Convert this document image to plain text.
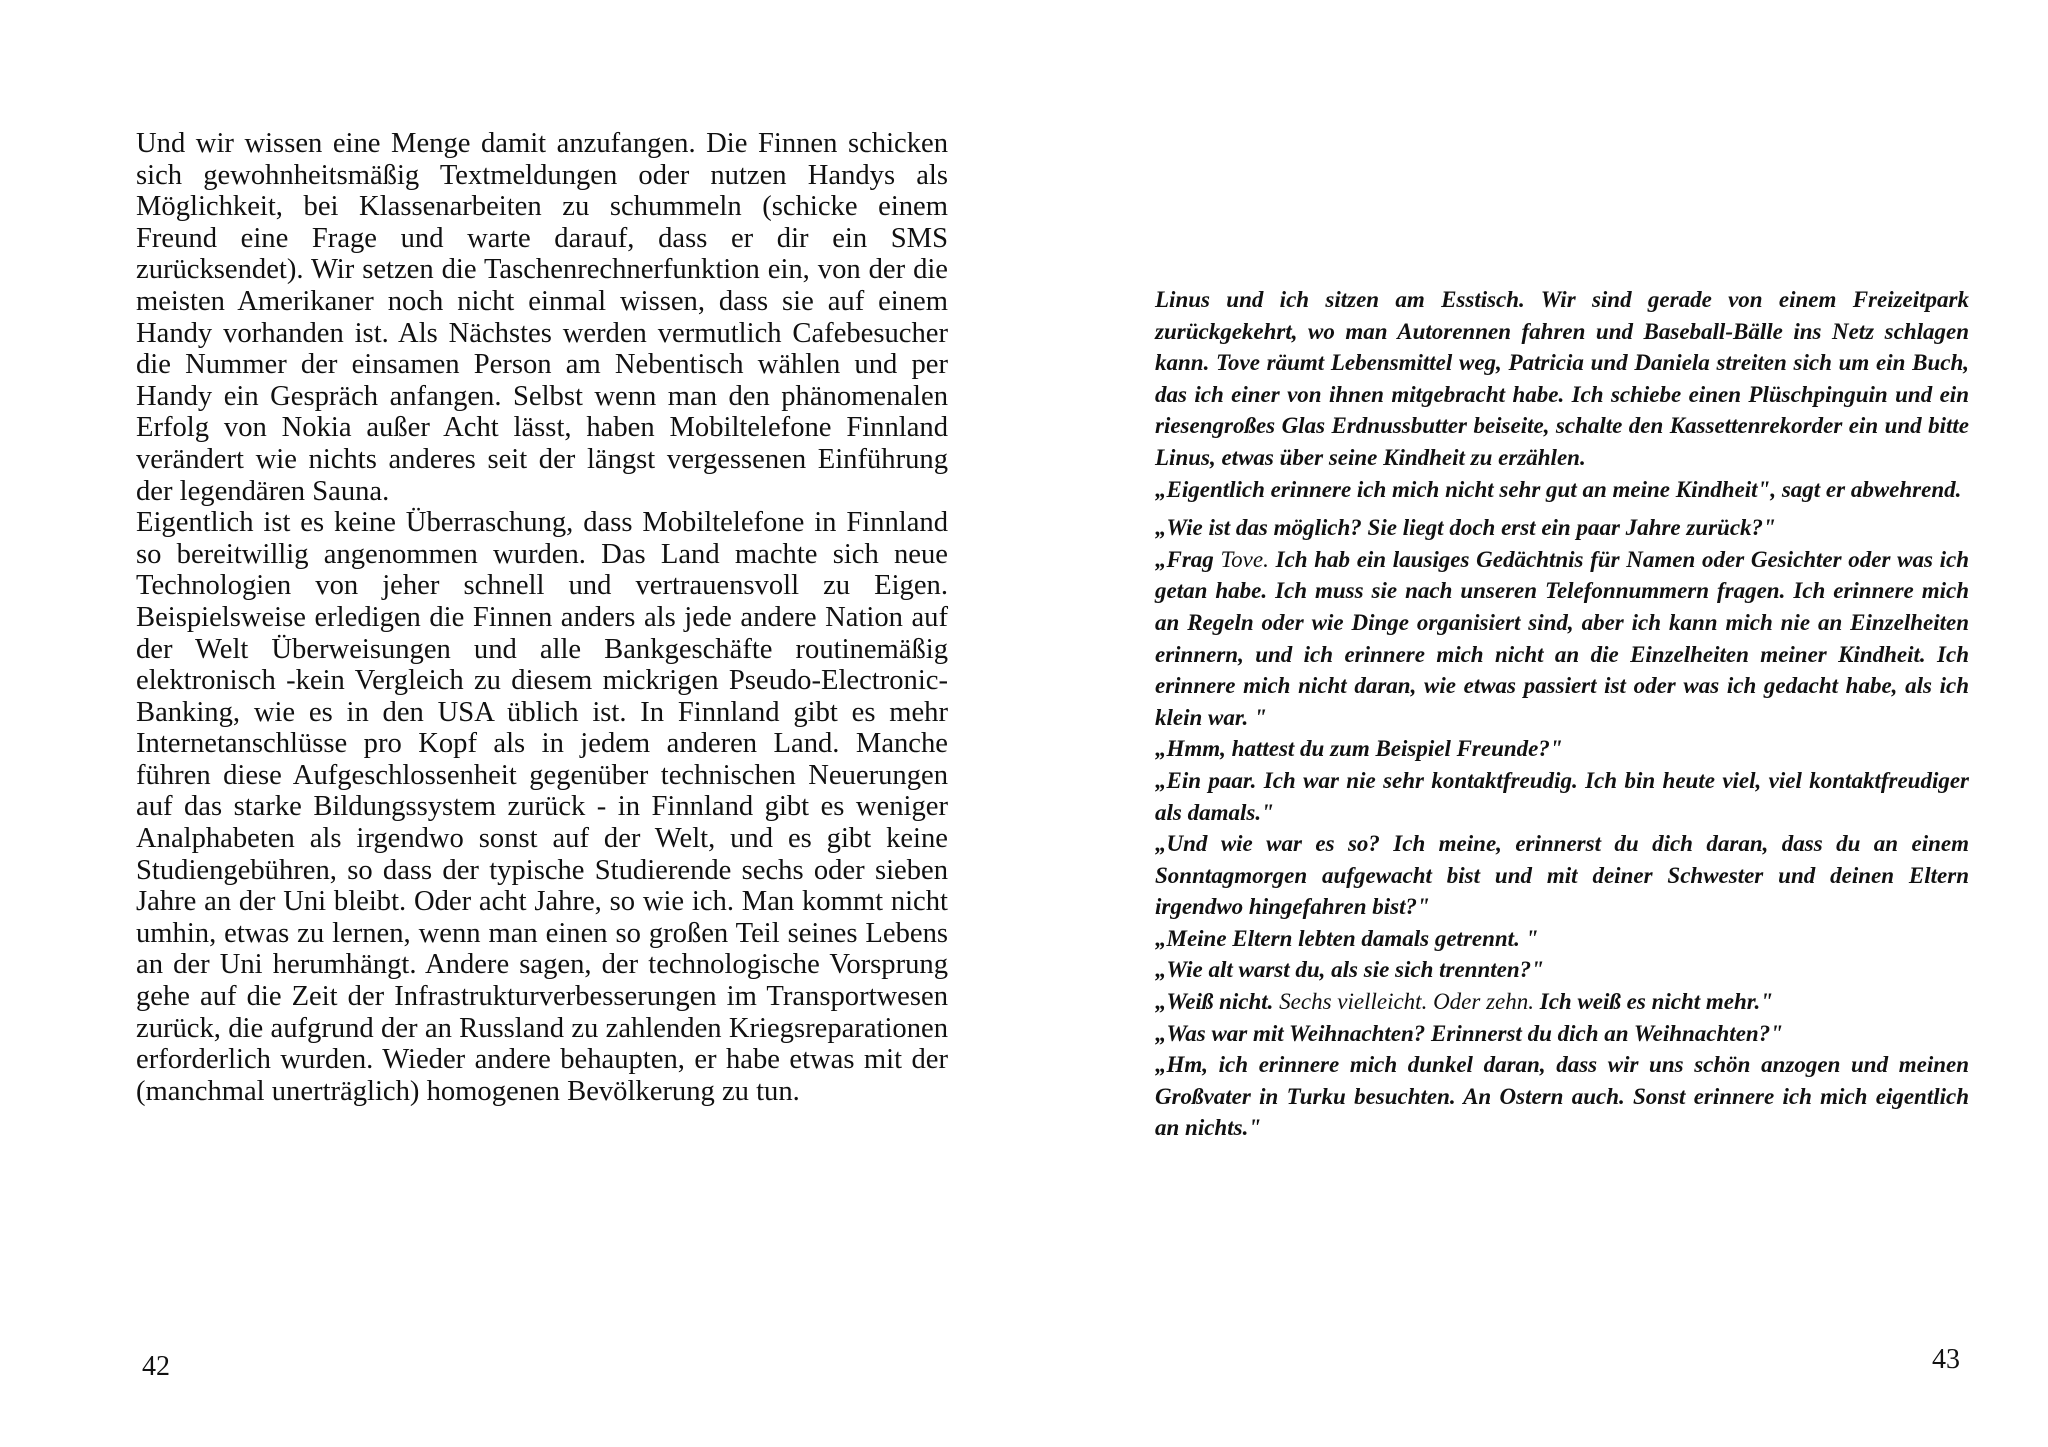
Und wir wissen eine Menge damit anzufangen. Die Finnen schicken sich gewohnheitsmäßig Textmeldungen oder nutzen Handys als Möglichkeit, bei Klassenarbeiten zu schummeln (schicke einem Freund eine Frage und warte darauf, dass er dir ein SMS zurücksendet). Wir setzen die Taschenrechnerfunktion ein, von der die meisten Amerikaner noch nicht einmal wissen, dass sie auf einem Handy vorhanden ist. Als Nächstes werden vermutlich Cafebesucher die Nummer der einsamen Person am Nebentisch wählen und per Handy ein Gespräch anfangen. Selbst wenn man den phänomenalen Erfolg von Nokia außer Acht lässt, haben Mobiltelefone Finnland verändert wie nichts anderes seit der längst vergessenen Einführung der legendären Sauna.

Eigentlich ist es keine Überraschung, dass Mobiltelefone in Finnland so bereitwillig angenommen wurden. Das Land machte sich neue Technologien von jeher schnell und vertrauensvoll zu Eigen. Beispielsweise erledigen die Finnen anders als jede andere Nation auf der Welt Überweisungen und alle Bankgeschäfte routinemäßig elektronisch -kein Vergleich zu diesem mickrigen Pseudo-Electronic-Banking, wie es in den USA üblich ist. In Finnland gibt es mehr Internetanschlüsse pro Kopf als in jedem anderen Land. Manche führen diese Aufgeschlossenheit gegenüber technischen Neuerungen auf das starke Bildungssystem zurück - in Finnland gibt es weniger Analphabeten als irgendwo sonst auf der Welt, und es gibt keine Studiengebühren, so dass der typische Studierende sechs oder sieben Jahre an der Uni bleibt. Oder acht Jahre, so wie ich. Man kommt nicht umhin, etwas zu lernen, wenn man einen so großen Teil seines Lebens an der Uni herumhängt. Andere sagen, der technologische Vorsprung gehe auf die Zeit der Infrastrukturverbesserungen im Transportwesen zurück, die aufgrund der an Russland zu zahlenden Kriegsreparationen erforderlich wurden. Wieder andere behaupten, er habe etwas mit der (manchmal unerträglich) homogenen Bevölkerung zu tun.

42

Linus und ich sitzen am Esstisch. Wir sind gerade von einem Freizeitpark zurückgekehrt, wo man Autorennen fahren und Baseball-Bälle ins Netz schlagen kann. Tove räumt Lebensmittel weg, Patricia und Daniela streiten sich um ein Buch, das ich einer von ihnen mitgebracht habe. Ich schiebe einen Plüschpinguin und ein riesengroßes Glas Erdnussbutter beiseite, schalte den Kassettenrekorder ein und bitte Linus, etwas über seine Kindheit zu erzählen.

„Eigentlich erinnere ich mich nicht sehr gut an meine Kindheit", sagt er abwehrend.

„Wie ist das möglich? Sie liegt doch erst ein paar Jahre zurück?"

„Frag Tove. Ich hab ein lausiges Gedächtnis für Namen oder Gesichter oder was ich getan habe. Ich muss sie nach unseren Telefonnummern fragen. Ich erinnere mich an Regeln oder wie Dinge organisiert sind, aber ich kann mich nie an Einzelheiten erinnern, und ich erinnere mich nicht an die Einzelheiten meiner Kindheit. Ich erinnere mich nicht daran, wie etwas passiert ist oder was ich gedacht habe, als ich klein war. "

„Hmm, hattest du zum Beispiel Freunde?"

„Ein paar. Ich war nie sehr kontaktfreudig. Ich bin heute viel, viel kontaktfreudiger als damals."

„Und wie war es so? Ich meine, erinnerst du dich daran, dass du an einem Sonntagmorgen aufgewacht bist und mit deiner Schwester und deinen Eltern irgendwo hingefahren bist?"

„Meine Eltern lebten damals getrennt. "

„Wie alt warst du, als sie sich trennten?"

„Weiß nicht. Sechs vielleicht. Oder zehn. Ich weiß es nicht mehr."

„Was war mit Weihnachten? Erinnerst du dich an Weihnachten?"

„Hm, ich erinnere mich dunkel daran, dass wir uns schön anzogen und meinen Großvater in Turku besuchten. An Ostern auch. Sonst erinnere ich mich eigentlich an nichts."

43
